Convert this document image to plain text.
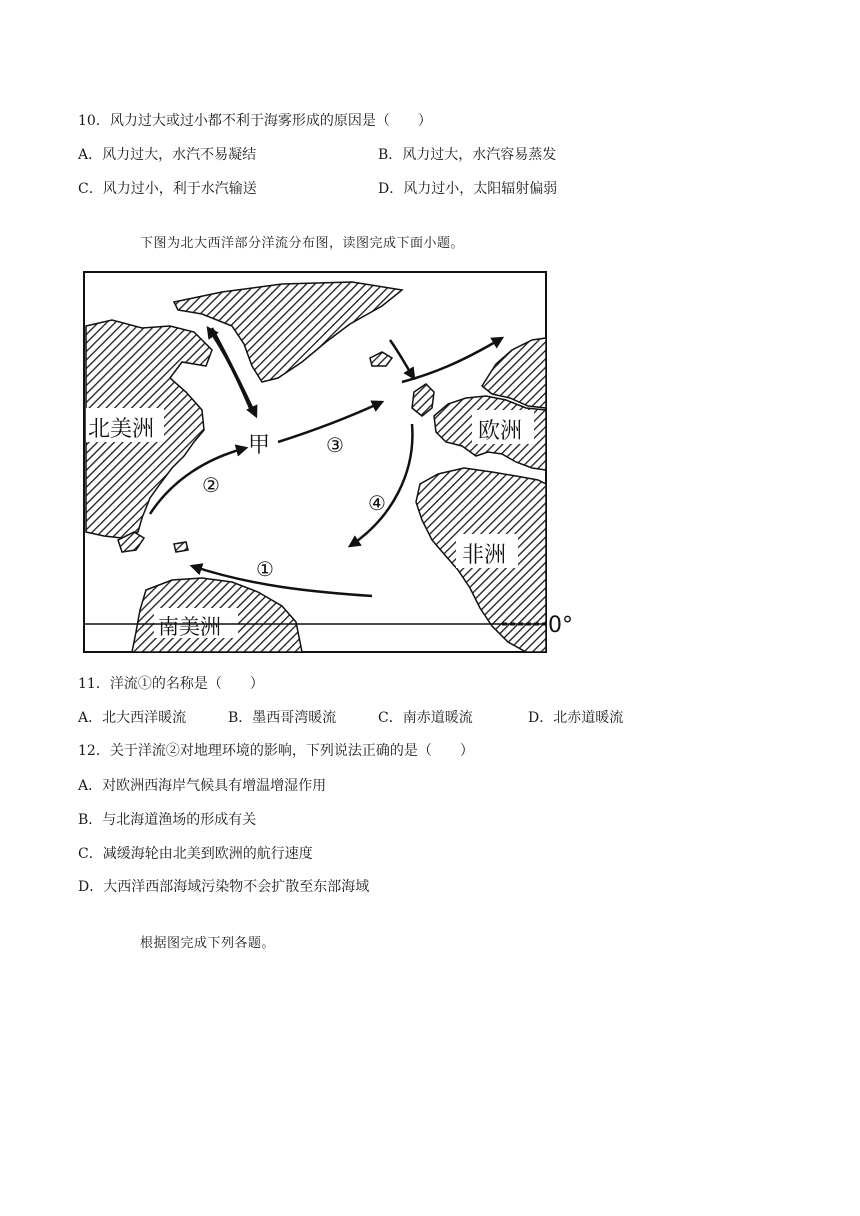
10．风力过大或过小都不利于海雾形成的原因是（　　）
A．风力过大，水汽不易凝结	B．风力过大，水汽容易蒸发
C．风力过小，利于水汽输送	D．风力过小，太阳辐射偏弱
下图为北大西洋部分洋流分布图，读图完成下面小题。
北美洲	欧洲
非洲
南美洲
甲
0°
①
②
③
④
11．洋流①的名称是（　　）
A．北大西洋暖流	B．墨西哥湾暖流	C．南赤道暖流	D．北赤道暖流
12．关于洋流②对地理环境的影响，下列说法正确的是（　　）
A．对欧洲西海岸气候具有增温增湿作用
B．与北海道渔场的形成有关
C．减缓海轮由北美到欧洲的航行速度
D．大西洋西部海域污染物不会扩散至东部海域
根据图完成下列各题。
